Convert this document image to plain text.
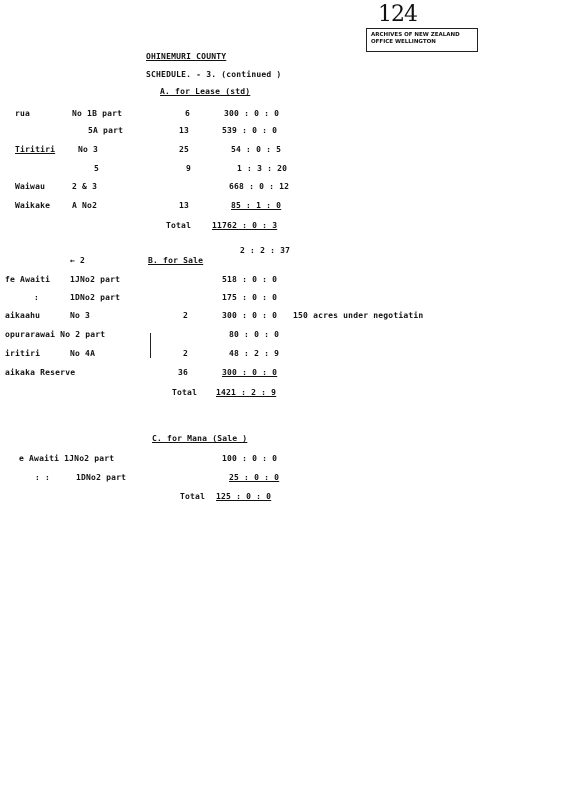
124
ARCHIVES OF NEW ZEALAND
OFFICE WELLINGTON
OHINEMURI COUNTY
SCHEDULE. - 3. (continued )
A. for Lease (std)
rua	No 1B part	6	300 : 0 : 0
5A part	13	539 : 0 : 0
Tiritiri	No 3	25	54 : 0 : 5
5	9	1 : 3 : 20
Waiwau	2 & 3	668 : 0 : 12
Waikake	A No2	13	85 : 1 : 0
Total	11762 : 0 : 3
← 2
2 : 2 : 37
B. for Sale
fe Awaiti 1JNo2 part	518 : 0 : 0
:	1DNo2 part	175 : 0 : 0
aikaahu	No 3	2	300 : 0 : 0 150 acres under negotiatin
opurarawai No 2 part	80 : 0 : 0
iritiri	No 4A	2	48 : 2 : 9
aikaka Reserve	36	300 : 0 : 0
Total 1421 : 2 : 9
C. for Mana (Sale )
e Awaiti 1JNo2 part	100 : 0 : 0
: :	1DNo2 part	25 : 0 : 0
Total 125 : 0 : 0
